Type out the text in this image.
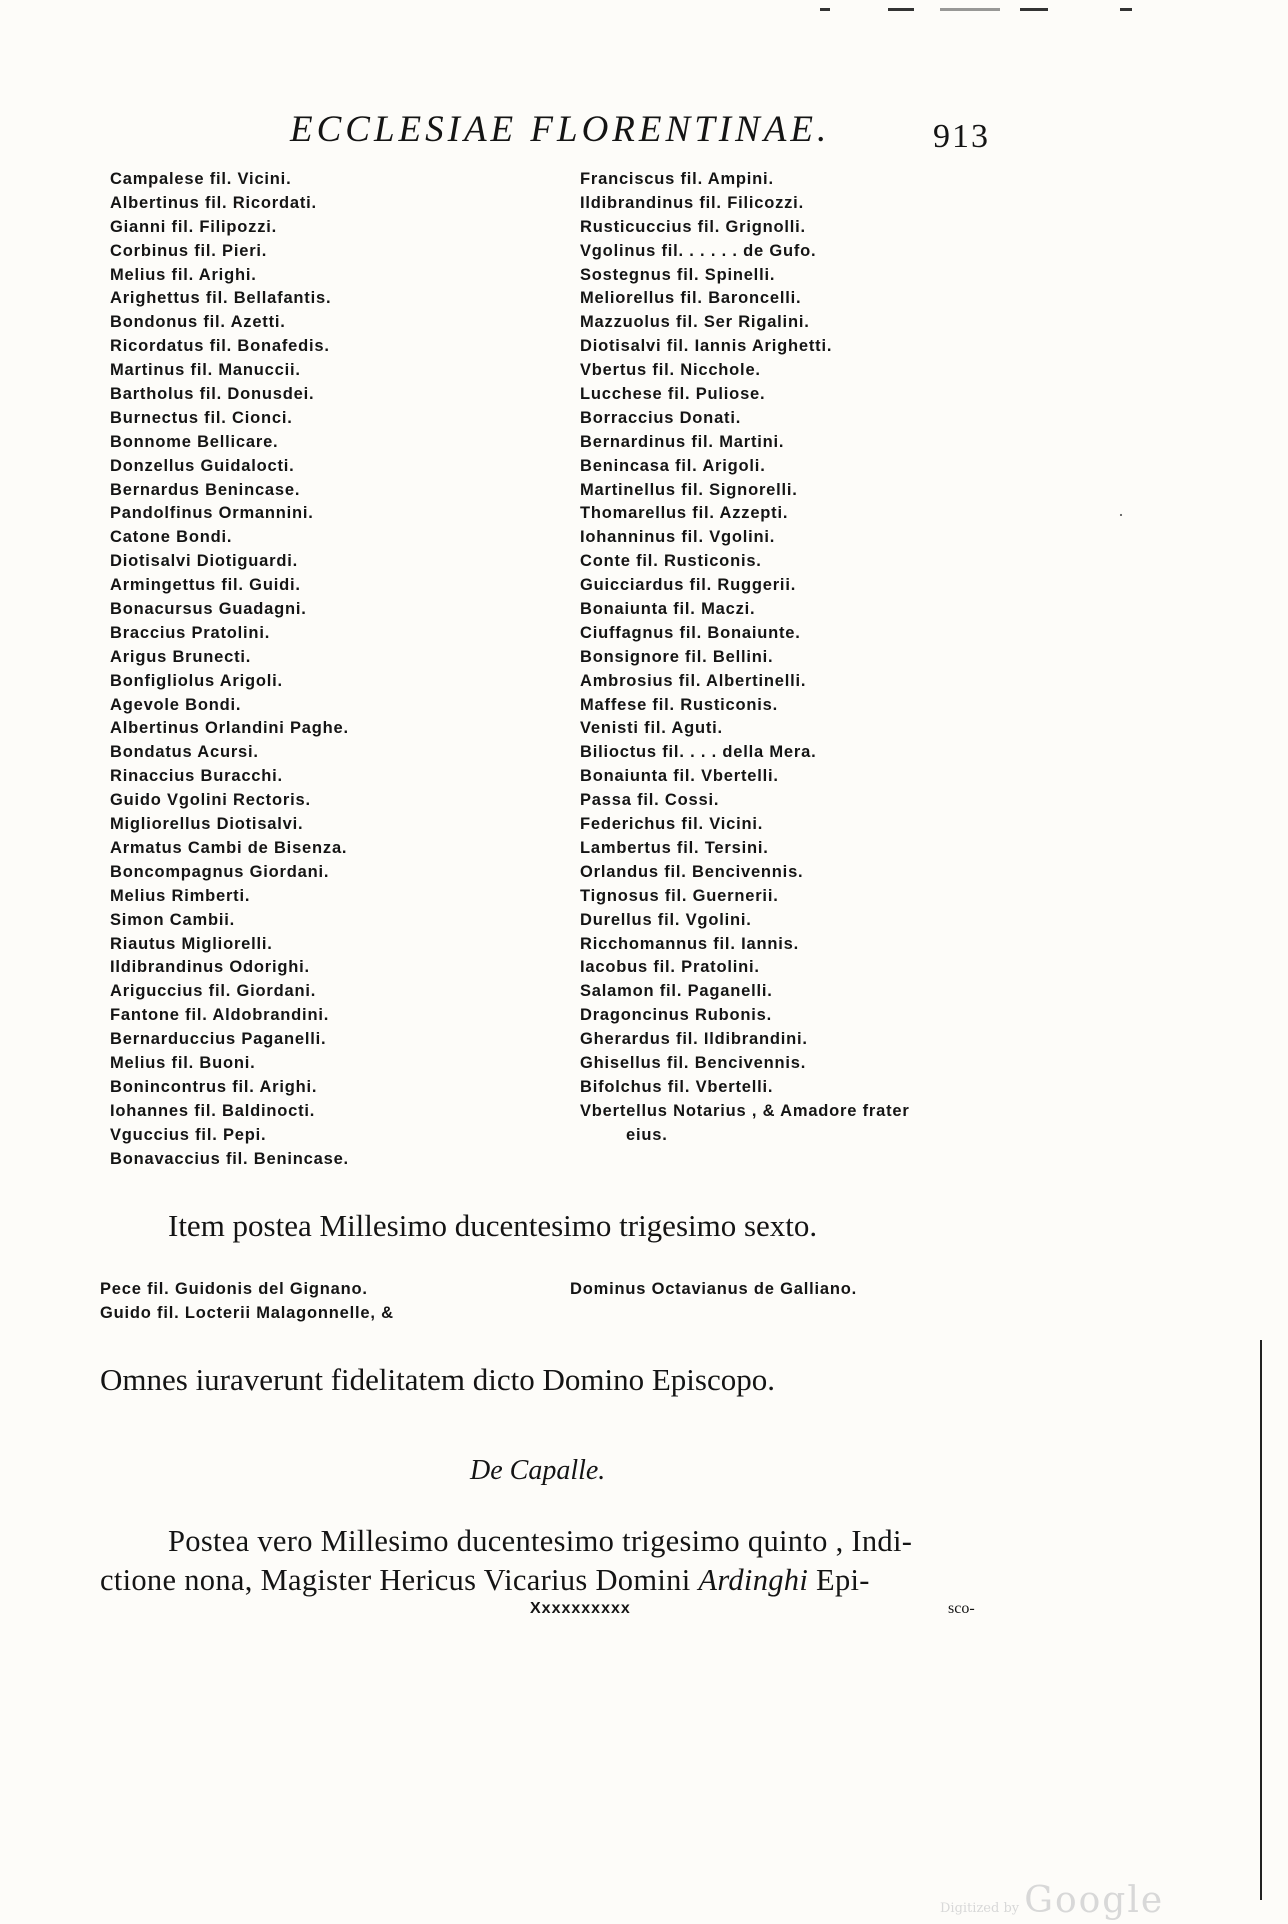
ECCLESIAE FLORENTINAE.	913
Campalese fil. Vicini.
Albertinus fil. Ricordati.
Gianni fil. Filipozzi.
Corbinus fil. Pieri.
Melius fil. Arighi.
Arighettus fil. Bellafantis.
Bondonus fil. Azetti.
Ricordatus fil. Bonafedis.
Martinus fil. Manuccii.
Bartholus fil. Donusdei.
Burnectus fil. Cionci.
Bonnome Bellicare.
Donzellus Guidalocti.
Bernardus Benincase.
Pandolfinus Ormannini.
Catone Bondi.
Diotisalvi Diotiguardi.
Armingettus fil. Guidi.
Bonacursus Guadagni.
Braccius Pratolini.
Arigus Brunecti.
Bonfigliolus Arigoli.
Agevole Bondi.
Albertinus Orlandini Paghe.
Bondatus Acursi.
Rinaccius Buracchi.
Guido Vgolini Rectoris.
Migliorellus Diotisalvi.
Armatus Cambi de Bisenza.
Boncompagnus Giordani.
Melius Rimberti.
Simon Cambii.
Riautus Migliorelli.
Ildibrandinus Odorighi.
Ariguccius fil. Giordani.
Fantone fil. Aldobrandini.
Bernarduccius Paganelli.
Melius fil. Buoni.
Bonincontrus fil. Arighi.
Iohannes fil. Baldinocti.
Vguccius fil. Pepi.
Bonavaccius fil. Benincase.
Franciscus fil. Ampini.
Ildibrandinus fil. Filicozzi.
Rusticuccius fil. Grignolli.
Vgolinus fil. . . . . . de Gufo.
Sostegnus fil. Spinelli.
Meliorellus fil. Baroncelli.
Mazzuolus fil. Ser Rigalini.
Diotisalvi fil. Iannis Arighetti.
Vbertus fil. Nicchole.
Lucchese fil. Puliose.
Borraccius Donati.
Bernardinus fil. Martini.
Benincasa fil. Arigoli.
Martinellus fil. Signorelli.
Thomarellus fil. Azzepti.
Iohanninus fil. Vgolini.
Conte fil. Rusticonis.
Guicciardus fil. Ruggerii.
Bonaiunta fil. Maczi.
Ciuffagnus fil. Bonaiunte.
Bonsignore fil. Bellini.
Ambrosius fil. Albertinelli.
Maffese fil. Rusticonis.
Venisti fil. Aguti.
Bilioctus fil. . . . della Mera.
Bonaiunta fil. Vbertelli.
Passa fil. Cossi.
Federichus fil. Vicini.
Lambertus fil. Tersini.
Orlandus fil. Bencivennis.
Tignosus fil. Guernerii.
Durellus fil. Vgolini.
Ricchomannus fil. Iannis.
Iacobus fil. Pratolini.
Salamon fil. Paganelli.
Dragoncinus Rubonis.
Gherardus fil. Ildibrandini.
Ghisellus fil. Bencivennis.
Bifolchus fil. Vbertelli.
Vbertellus Notarius , & Amadore frater
eius.
·
Item postea Millesimo ducentesimo trigesimo sexto.
Pece fil. Guidonis del Gignano.
Guido fil. Locterii Malagonnelle, &
Dominus Octavianus de Galliano.
Omnes iuraverunt fidelitatem dicto Domino Episcopo.
De Capalle.
Postea vero Millesimo ducentesimo trigesimo quinto , Indi-
ctione nona, Magister Hericus Vicarius Domini Ardinghi Epi-
Xxxxxxxxxx	sco-
Digitized by Google
